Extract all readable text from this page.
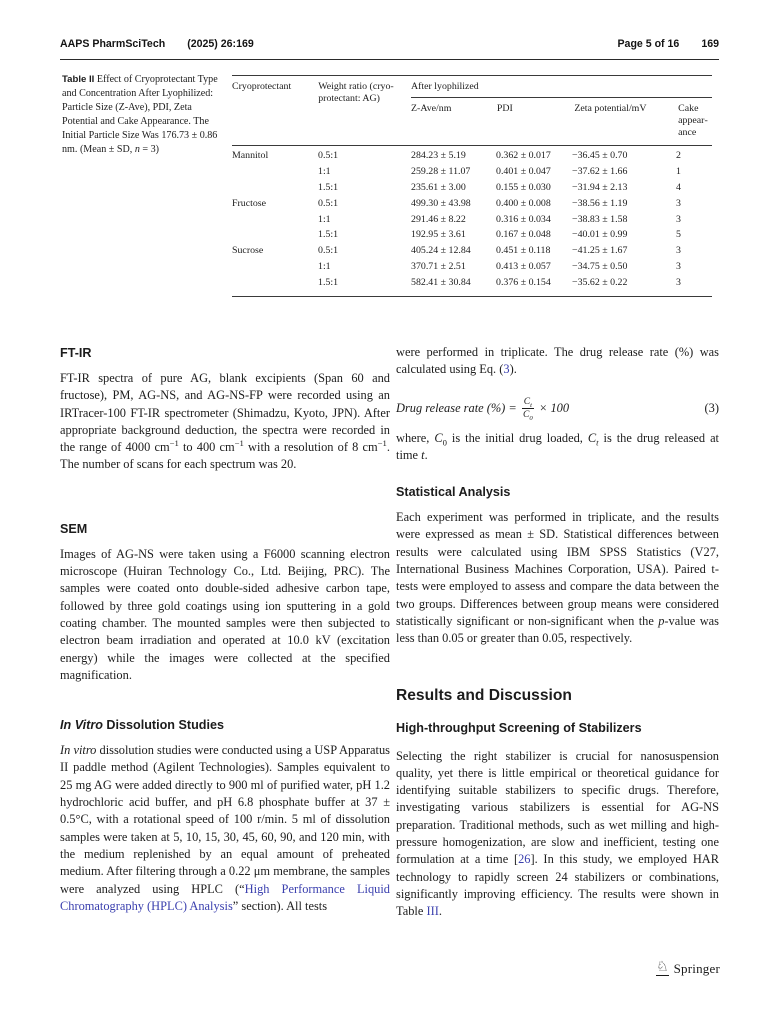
AAPS PharmSciTech (2025) 26:169	Page 5 of 16 169
Table II Effect of Cryoprotectant Type and Concentration After Lyophilized: Particle Size (Z-Ave), PDI, Zeta Potential and Cake Appearance. The Initial Particle Size Was 176.73 ± 0.86 nm. (Mean ± SD, n = 3)
Cryoprotectant	Weight ratio (cryoprotectant: AG)
After lyophilized
Z-Ave/nm	PDI	Zeta potential/mV	Cake appearance
Mannitol	0.5:1	284.23 ± 5.19	0.362 ± 0.017	−36.45 ± 0.70	2
1:1	259.28 ± 11.07	0.401 ± 0.047	−37.62 ± 1.66	1
1.5:1	235.61 ± 3.00	0.155 ± 0.030	−31.94 ± 2.13	4
Fructose	0.5:1	499.30 ± 43.98	0.400 ± 0.008	−38.56 ± 1.19	3
1:1	291.46 ± 8.22	0.316 ± 0.034	−38.83 ± 1.58	3
1.5:1	192.95 ± 3.61	0.167 ± 0.048	−40.01 ± 0.99	5
Sucrose	0.5:1	405.24 ± 12.84	0.451 ± 0.118	−41.25 ± 1.67	3
1:1	370.71 ± 2.51	0.413 ± 0.057	−34.75 ± 0.50	3
1.5:1	582.41 ± 30.84	0.376 ± 0.154	−35.62 ± 0.22	3
FT-IR

FT-IR spectra of pure AG, blank excipients (Span 60 and fructose), PM, AG-NS, and AG-NS-FP were recorded using an IRTracer-100 FT-IR spectrometer (Shimadzu, Kyoto, JPN). After appropriate background deduction, the spectra were recorded in the range of 4000 $cm^{-1}$ to 400 $cm^{-1}$ with a resolution of 8 $cm^{-1}$. The number of scans for each spectrum was 20.

SEM

Images of AG-NS were taken using a F6000 scanning electron microscope (Huiran Technology Co., Ltd. Beijing, PRC). The samples were coated onto double-sided adhesive carbon tape, followed by three gold coatings using ion sputtering in a gold coating chamber. The mounted samples were then subjected to electron beam irradiation and operated at 10.0 kV (excitation energy) while the images were collected at the specified magnification.

In Vitro Dissolution Studies

In vitro dissolution studies were conducted using a USP Apparatus II paddle method (Agilent Technologies). Samples equivalent to 25 mg AG were added directly to 900 ml of purified water, pH 1.2 hydrochloric acid buffer, and pH 6.8 phosphate buffer at 37 ± 0.5°C, with a rotational speed of 100 r/min. 5 ml of dissolution samples were taken at 5, 10, 15, 30, 45, 60, 90, and 120 min, with the medium replenished by an equal amount of preheated medium. After filtering through a 0.22 μm membrane, the samples were analyzed using HPLC (“High Performance Liquid Chromatography (HPLC) Analysis” section). All tests

were performed in triplicate. The drug release rate (%) was calculated using Eq. (3).

Drug release rate (%) = $\frac{C_t}{C_0} \times 100$	(3)

where, $C_0$ is the initial drug loaded, $C_t$ is the drug released at time t.

Statistical Analysis

Each experiment was performed in triplicate, and the results were expressed as mean ± SD. Statistical differences between results were calculated using IBM SPSS Statistics (V27, International Business Machines Corporation, USA). Paired t-tests were employed to assess and compare the data between the two groups. Differences between group means were considered statistically significant or non-significant when the p-value was less than 0.05 or greater than 0.05, respectively.

Results and Discussion
High-throughput Screening of Stabilizers

Selecting the right stabilizer is crucial for nanosuspension quality, yet there is little empirical or theoretical guidance for identifying suitable stabilizers to specific drugs. Therefore, investigating various stabilizers is essential for AG-NS preparation. Traditional methods, such as wet milling and high-pressure homogenization, are slow and inefficient, testing one formulation at a time [26]. In this study, we employed HAR technology to rapidly screen 24 stabilizers or combinations, significantly improving efficiency. The results were shown in Table III.

♘ Springer
